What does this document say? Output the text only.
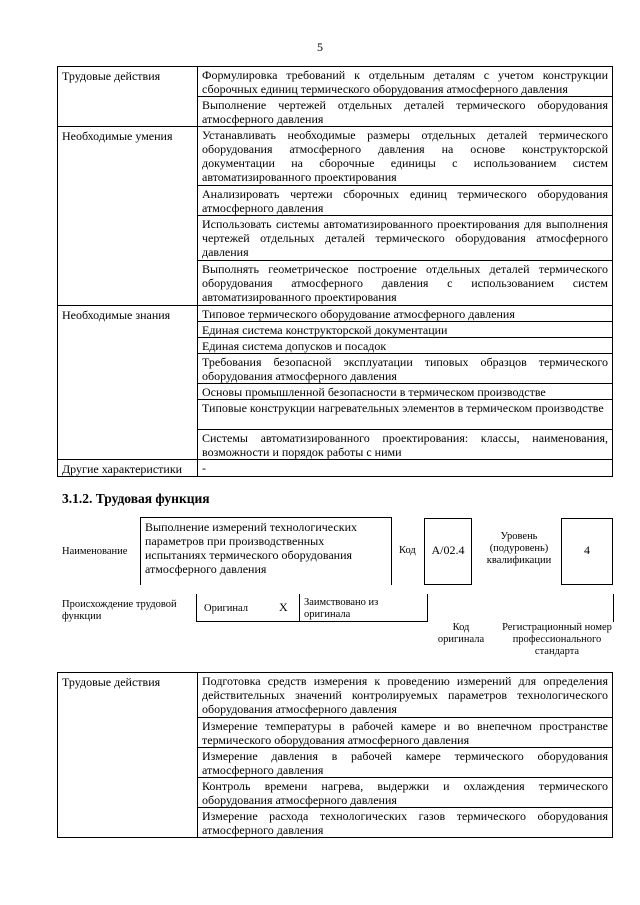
5
Трудовые действия	Формулировка требований к отдельным деталям с учетом конструкции сборочных единиц термического оборудования атмосферного давления
	Выполнение чертежей отдельных деталей термического оборудования атмосферного давления
Необходимые умения	Устанавливать необходимые размеры отдельных деталей термического оборудования атмосферного давления на основе конструкторской документации на сборочные единицы с использованием систем автоматизированного проектирования
	Анализировать чертежи сборочных единиц термического оборудования атмосферного давления
	Использовать системы автоматизированного проектирования для выполнения чертежей отдельных деталей термического оборудования атмосферного давления
	Выполнять геометрическое построение отдельных деталей термического оборудования атмосферного давления с использованием систем автоматизированного проектирования
Необходимые знания	Типовое термического оборудование атмосферного давления
	Единая система конструкторской документации
	Единая система допусков и посадок
	Требования безопасной эксплуатации типовых образцов термического оборудования атмосферного давления
	Основы промышленной безопасности в термическом производстве
	Типовые конструкции нагревательных элементов в термическом производстве
	Системы автоматизированного проектирования: классы, наименования, возможности и порядок работы с ними
Другие характеристики	-
3.1.2. Трудовая функция
Наименование
Выполнение измерений технологических параметров при производственных испытаниях термического оборудования атмосферного давления
Код	А/02.4
Уровень (подуровень) квалификации
4
Происхождение трудовой функции
Оригинал	X Заимствовано из оригинала
Код оригинала
Регистрационный номер профессионального стандарта
Трудовые действия	Подготовка средств измерения к проведению измерений для определения действительных значений контролируемых параметров технологического оборудования атмосферного давления
Измерение температуры в рабочей камере и во внепечном пространстве термического оборудования атмосферного давления
Измерение давления в рабочей камере термического оборудования атмосферного давления
Контроль времени нагрева, выдержки и охлаждения термического оборудования атмосферного давления
Измерение расхода технологических газов термического оборудования атмосферного давления
